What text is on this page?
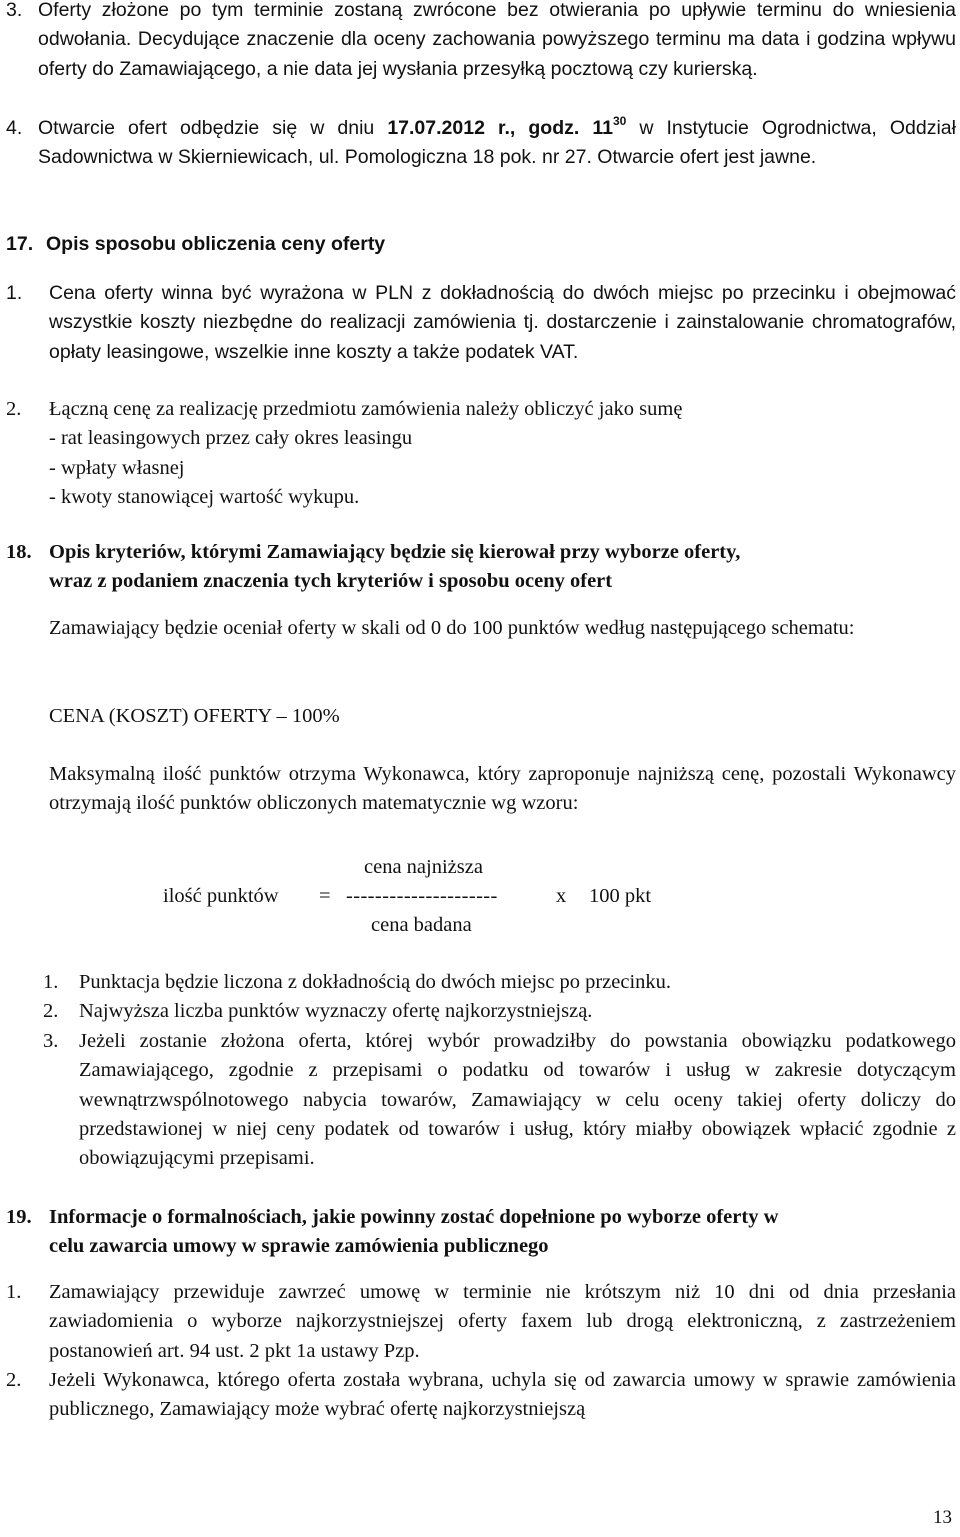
3. Oferty złożone po tym terminie zostaną zwrócone bez otwierania po upływie terminu do wniesienia odwołania. Decydujące znaczenie dla oceny zachowania powyższego terminu ma data i godzina wpływu oferty do Zamawiającego, a nie data jej wysłania przesyłką pocztową czy kurierską.
4. Otwarcie ofert odbędzie się w dniu 17.07.2012 r., godz. $11^{30}$ w Instytucie Ogrodnictwa, Oddział Sadownictwa w Skierniewicach, ul. Pomologiczna 18 pok. nr 27. Otwarcie ofert jest jawne.
17. Opis sposobu obliczenia ceny oferty
1. Cena oferty winna być wyrażona w PLN z dokładnością do dwóch miejsc po przecinku i obejmować wszystkie koszty niezbędne do realizacji zamówienia tj. dostarczenie i zainstalowanie chromatografów, opłaty leasingowe, wszelkie inne koszty a także podatek VAT.
2. Łączną cenę za realizację przedmiotu zamówienia należy obliczyć jako sumę
- rat leasingowych przez cały okres leasingu
- wpłaty własnej
- kwoty stanowiącej wartość wykupu.
18. Opis kryteriów, którymi Zamawiający będzie się kierował przy wyborze oferty,
wraz z podaniem znaczenia tych kryteriów i sposobu oceny ofert
Zamawiający będzie oceniał oferty w skali od 0 do 100 punktów według następującego schematu:
CENA (KOSZT) OFERTY – 100%
Maksymalną ilość punktów otrzyma Wykonawca, który zaproponuje najniższą cenę, pozostali Wykonawcy otrzymają ilość punktów obliczonych matematycznie wg wzoru:
cena najniższa
ilość punktów = ---------------------	x 100 pkt
cena badana
1. Punktacja będzie liczona z dokładnością do dwóch miejsc po przecinku.
2. Najwyższa liczba punktów wyznaczy ofertę najkorzystniejszą.
3. Jeżeli zostanie złożona oferta, której wybór prowadziłby do powstania obowiązku podatkowego Zamawiającego, zgodnie z przepisami o podatku od towarów i usług w zakresie dotyczącym wewnątrzwspólnotowego nabycia towarów, Zamawiający w celu oceny takiej oferty doliczy do przedstawionej w niej ceny podatek od towarów i usług, który miałby obowiązek wpłacić zgodnie z obowiązującymi przepisami.
19. Informacje o formalnościach, jakie powinny zostać dopełnione po wyborze oferty w
celu zawarcia umowy w sprawie zamówienia publicznego
1. Zamawiający przewiduje zawrzeć umowę w terminie nie krótszym niż 10 dni od dnia przesłania zawiadomienia o wyborze najkorzystniejszej oferty faxem lub drogą elektroniczną, z zastrzeżeniem postanowień art. 94 ust. 2 pkt 1a ustawy Pzp.
2. Jeżeli Wykonawca, którego oferta została wybrana, uchyla się od zawarcia umowy w sprawie zamówienia publicznego, Zamawiający może wybrać ofertę najkorzystniejszą
13
